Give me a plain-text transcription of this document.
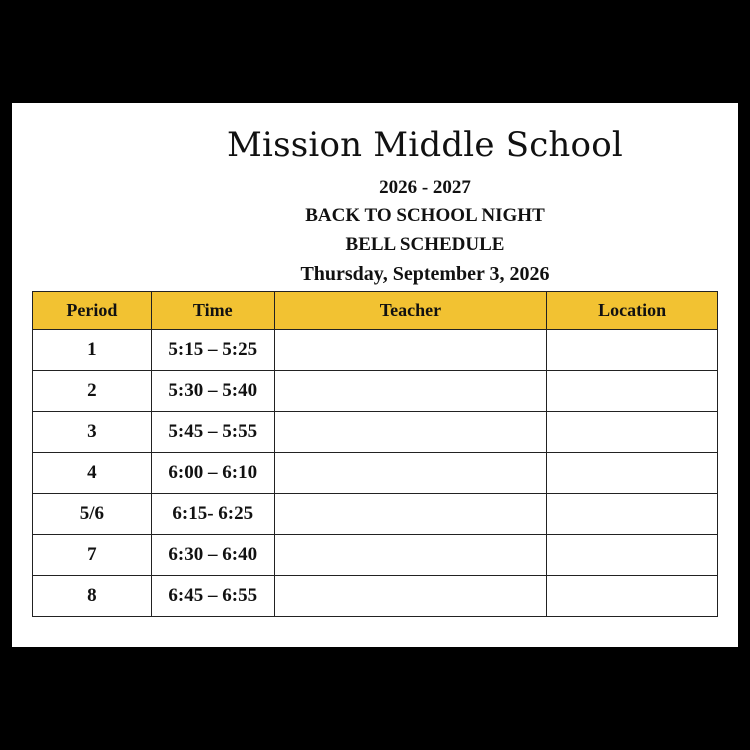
Mission Middle School
2026 - 2027
BACK TO SCHOOL NIGHT
BELL SCHEDULE
Thursday, September 3, 2026
Period	Time	Teacher	Location
1	5:15 – 5:25		
2	5:30 – 5:40		
3	5:45 – 5:55		
4	6:00 – 6:10		
5/6	6:15- 6:25		
7	6:30 – 6:40		
8	6:45 – 6:55		
